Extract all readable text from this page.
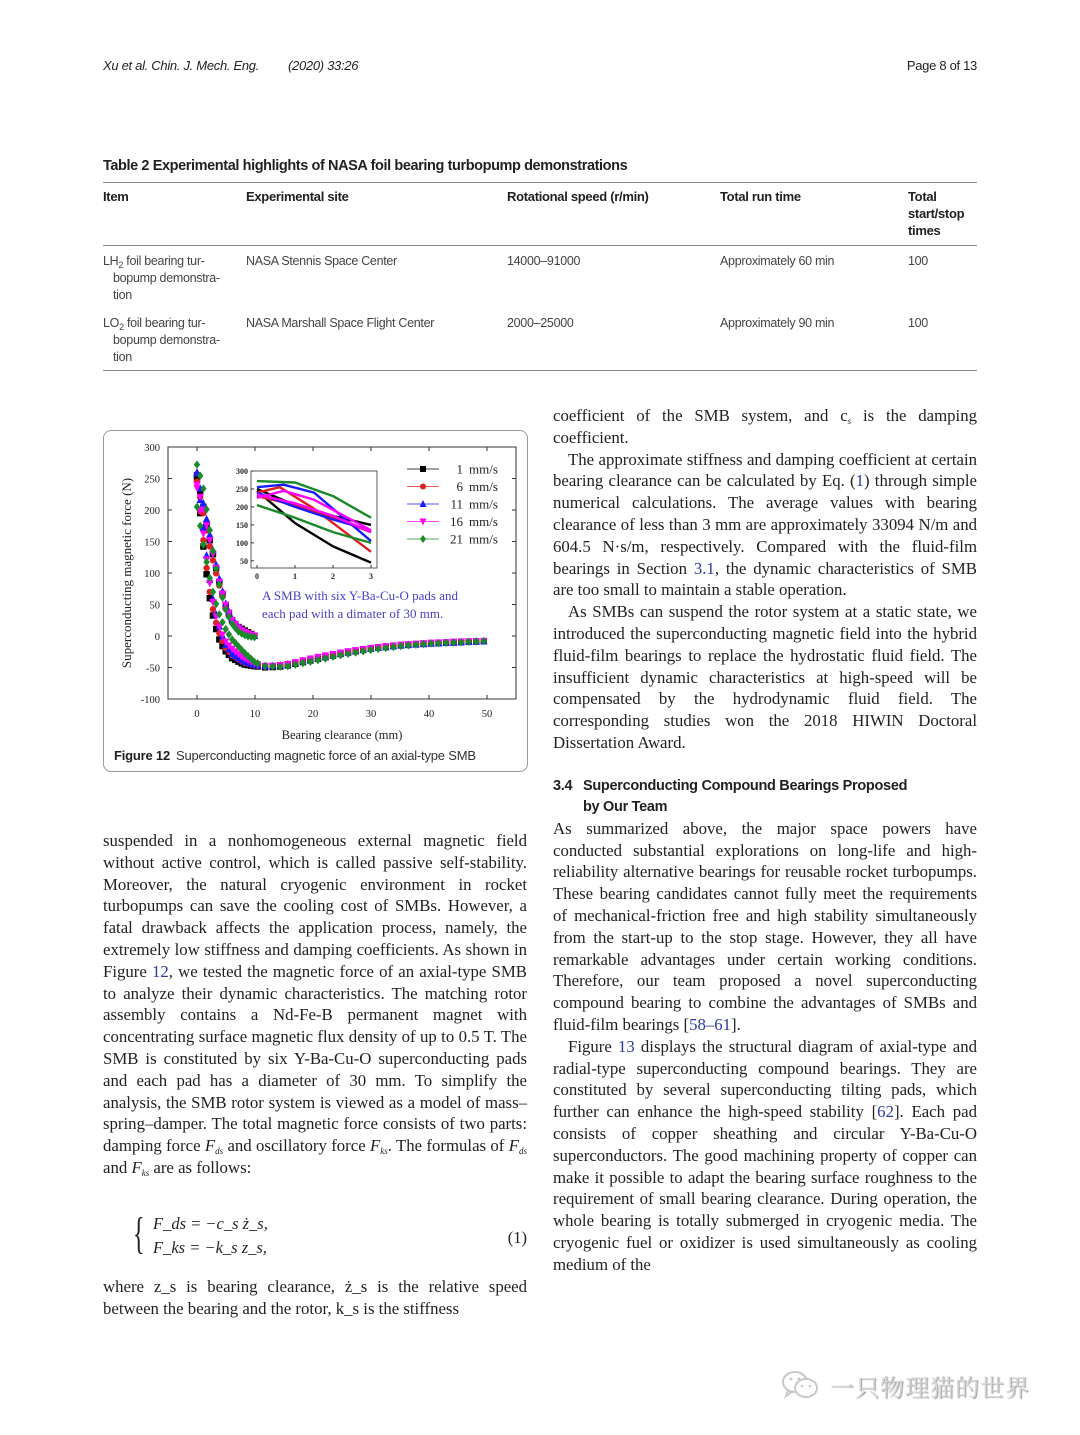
Xu et al. Chin. J. Mech. Eng. (2020) 33:26	Page 8 of 13
Table 2 Experimental highlights of NASA foil bearing turbopump demonstrations
Item	Experimental site	Rotational speed (r/min)	Total run time	Total start/stop times
$LH_2$ foil bearing tur-
bopump demonstra-
tion	NASA Stennis Space Center	14000–91000	Approximately 60 min	100
$LO_2$ foil bearing tur-
bopump demonstra-
tion	NASA Marshall Space Flight Center	2000–25000	Approximately 90 min	100
-100
-50
0
50
100
150
200
250
300
0	10	20	30	40	50
Bearing clearance (mm)
Superconducting magnetic force (N)	50
100
150
200
250
300
0	1	2	3
1 mm/s
6 mm/s
11 mm/s
16 mm/s
21 mm/s
A SMB with six Y-Ba-Cu-O pads and
each pad with a dimater of 30 mm.
Figure 12 Superconducting magnetic force of an axial-type SMB

suspended in a nonhomogeneous external magnetic field without active control, which is called passive self-stability. Moreover, the natural cryogenic environment in rocket turbopumps can save the cooling cost of SMBs. However, a fatal drawback affects the application process, namely, the extremely low stiffness and damping coefficients. As shown in Figure 12, we tested the magnetic force of an axial-type SMB to analyze their dynamic characteristics. The matching rotor assembly contains a Nd-Fe-B permanent magnet with concentrating surface magnetic flux density of up to 0.5 T. The SMB is constituted by six Y-Ba-Cu-O superconducting pads and each pad has a diameter of 30 mm. To simplify the analysis, the SMB rotor system is viewed as a model of mass–spring–damper. The total magnetic force consists of two parts: damping force $F_{ds}$ and oscillatory force $F_{ks}$. The formulas of $F_{ds}$ and $F_{ks}$ are as follows:

{ F_ds = −c_s ż_s,
F_ks = −k_s z_s,
(1)
where z_s is bearing clearance, ż_s is the relative speed between the bearing and the rotor, k_s is the stiffness

coefficient of the SMB system, and $c_s$ is the damping coefficient.

The approximate stiffness and damping coefficient at certain bearing clearance can be calculated by Eq. (1) through simple numerical calculations. The average values with bearing clearance of less than 3 mm are approximately 33094 N/m and 604.5 N·s/m, respectively. Compared with the fluid-film bearings in Section 3.1, the dynamic characteristics of SMB are too small to maintain a stable operation.

As SMBs can suspend the rotor system at a static state, we introduced the superconducting magnetic field into the hybrid fluid-film bearings to replace the hydrostatic fluid field. The insufficient dynamic characteristics at high-speed will be compensated by the hydrodynamic fluid field. The corresponding studies won the 2018 HIWIN Doctoral Dissertation Award.

3.4 Superconducting Compound Bearings Proposed
by Our Team

As summarized above, the major space powers have conducted substantial explorations on long-life and high-reliability alternative bearings for reusable rocket turbopumps. These bearing candidates cannot fully meet the requirements of mechanical-friction free and high stability simultaneously from the start-up to the stop stage. However, they all have remarkable advantages under certain working conditions. Therefore, our team proposed a novel superconducting compound bearing to combine the advantages of SMBs and fluid-film bearings [58–61].

Figure 13 displays the structural diagram of axial-type and radial-type superconducting compound bearings. They are constituted by several superconducting tilting pads, which further can enhance the high-speed stability [62]. Each pad consists of copper sheathing and circular Y-Ba-Cu-O superconductors. The good machining property of copper can make it possible to adapt the bearing surface roughness to the requirement of small bearing clearance. During operation, the whole bearing is totally submerged in cryogenic media. The cryogenic fuel or oxidizer is used simultaneously as cooling medium of the

一只物理猫的世界
